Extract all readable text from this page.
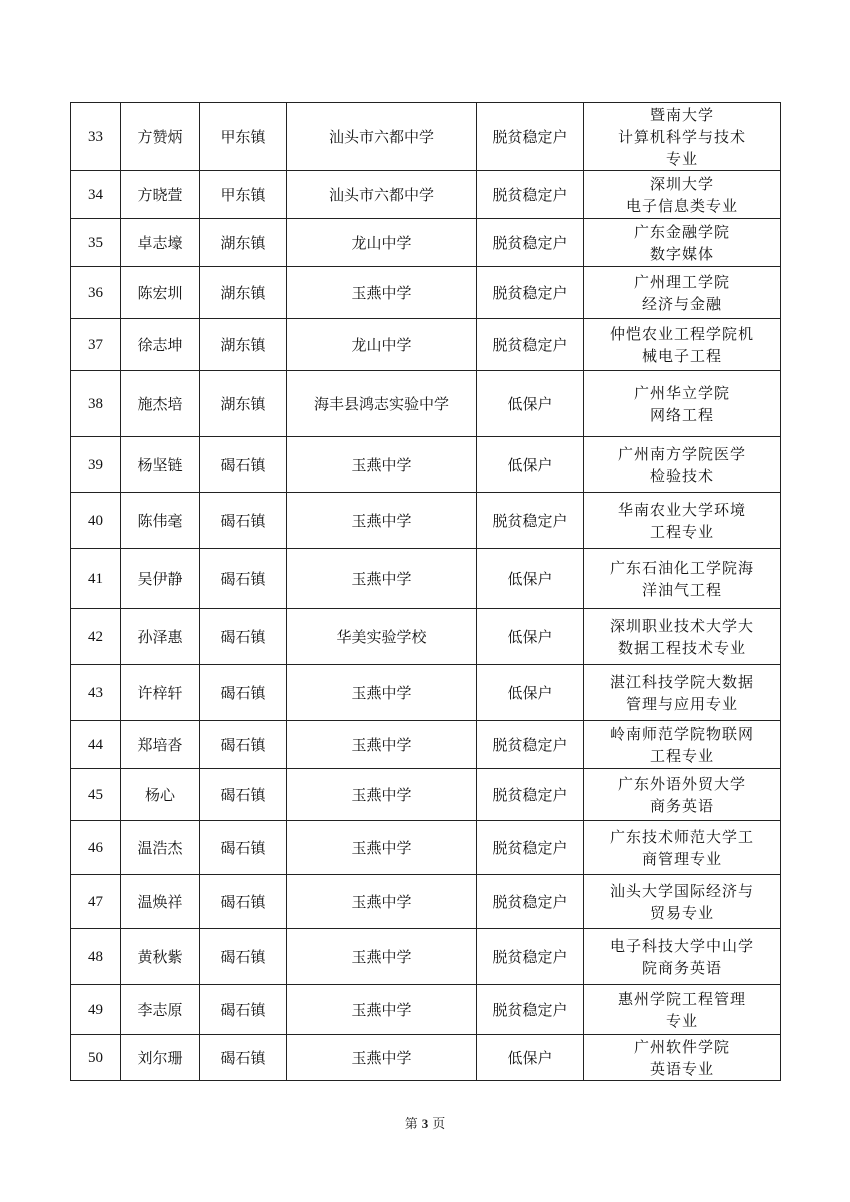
33	方赞炳	甲东镇	汕头市六都中学	脱贫稳定户	暨南大学
计算机科学与技术
专业

34	方晓萱	甲东镇	汕头市六都中学	脱贫稳定户	深圳大学
电子信息类专业

35	卓志壕	湖东镇	龙山中学	脱贫稳定户	广东金融学院
数字媒体

36	陈宏圳	湖东镇	玉燕中学	脱贫稳定户	广州理工学院
经济与金融

37	徐志坤	湖东镇	龙山中学	脱贫稳定户	仲恺农业工程学院机
械电子工程

38	施杰培	湖东镇	海丰县鸿志实验中学	低保户	广州华立学院
网络工程

39	杨坚链	碣石镇	玉燕中学	低保户	广州南方学院医学
检验技术

40	陈伟毫	碣石镇	玉燕中学	脱贫稳定户	华南农业大学环境
工程专业

41	吴伊静	碣石镇	玉燕中学	低保户	广东石油化工学院海
洋油气工程

42	孙泽惠	碣石镇	华美实验学校	低保户	深圳职业技术大学大
数据工程技术专业

43	许梓轩	碣石镇	玉燕中学	低保户	湛江科技学院大数据
管理与应用专业

44	郑培沓	碣石镇	玉燕中学	脱贫稳定户	岭南师范学院物联网
工程专业

45	杨心	碣石镇	玉燕中学	脱贫稳定户	广东外语外贸大学
商务英语

46	温浩杰	碣石镇	玉燕中学	脱贫稳定户	广东技术师范大学工
商管理专业

47	温焕祥	碣石镇	玉燕中学	脱贫稳定户	汕头大学国际经济与
贸易专业

48	黄秋紫	碣石镇	玉燕中学	脱贫稳定户	电子科技大学中山学
院商务英语

49	李志原	碣石镇	玉燕中学	脱贫稳定户	惠州学院工程管理
专业

50	刘尔珊	碣石镇	玉燕中学	低保户	广州软件学院
英语专业
第 3 页
